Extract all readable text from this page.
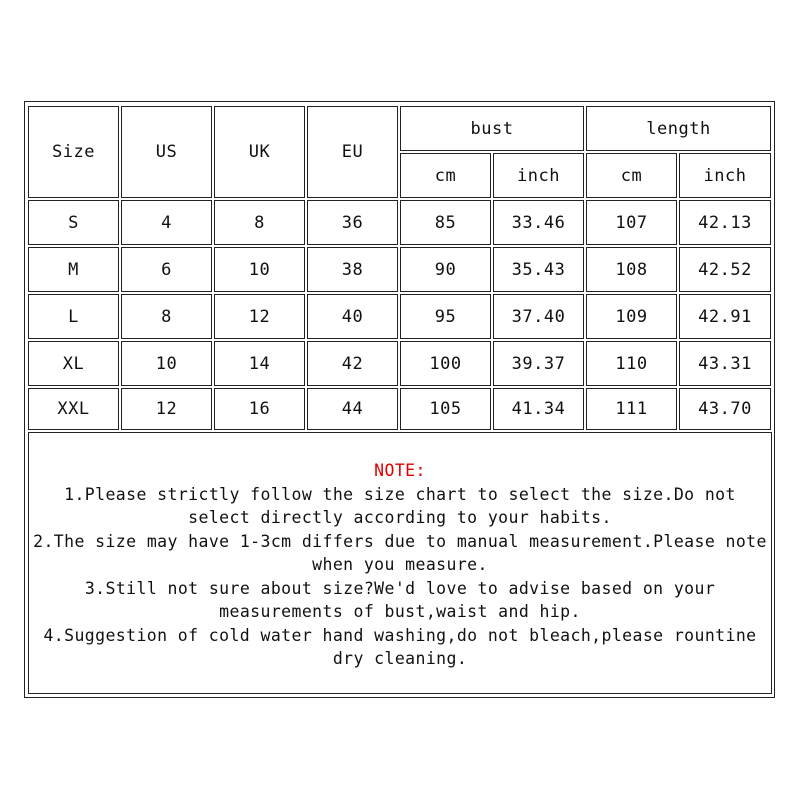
Size	US	UK	EU
bust	length
cm	inch	cm	inch
S	4	8	36	85	33.46	107	42.13
M	6	10	38	90	35.43	108	42.52
L	8	12	40	95	37.40	109	42.91
XL	10	14	42	100	39.37	110	43.31
XXL	12	16	44	105	41.34	111	43.70
NOTE:
1.Please strictly follow the size chart to select the size.Do not
select directly according to your habits.
2.The size may have 1-3cm differs due to manual measurement.Please note
when you measure.
3.Still not sure about size?We'd love to advise based on your
measurements of bust,waist and hip.
4.Suggestion of cold water hand washing,do not bleach,please rountine
dry cleaning.
